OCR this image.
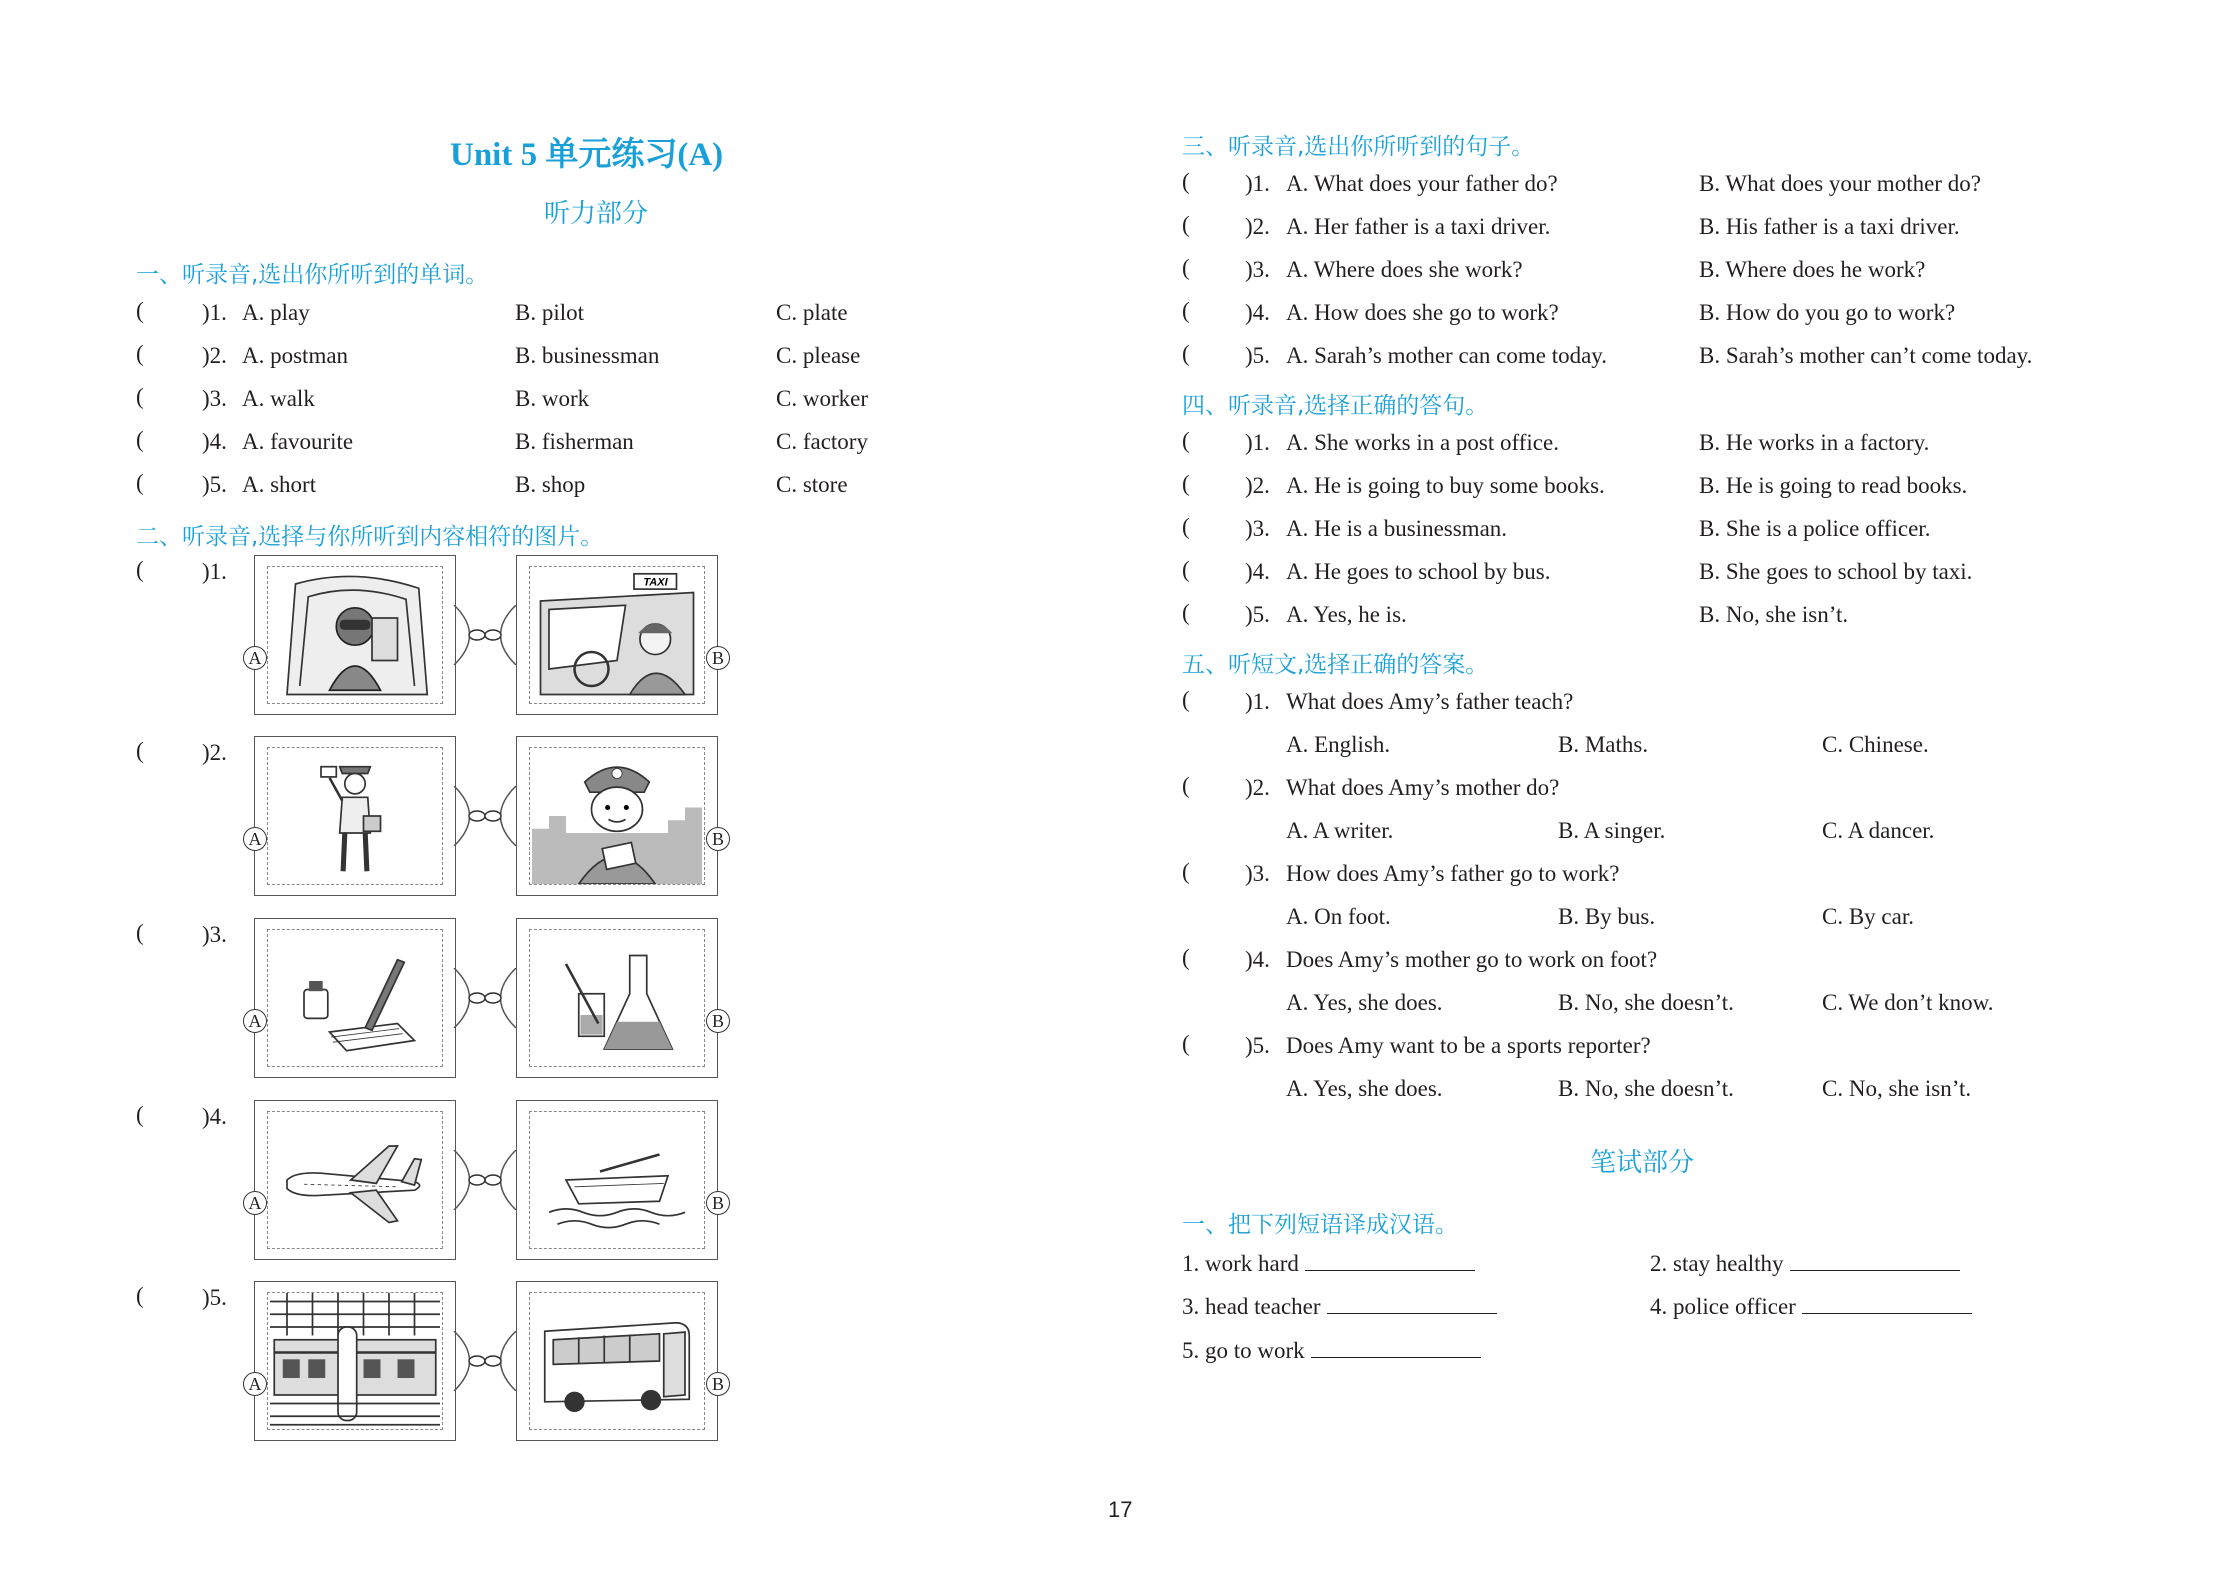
Unit 5 单元练习(A)
听力部分
一、听录音,选出你所听到的单词。
二、听录音,选择与你所听到内容相符的图片。
三、听录音,选出你所听到的句子。
四、听录音,选择正确的答句。
五、听短文,选择正确的答案。
笔试部分
一、把下列短语译成汉语。
17
(	)1. A. play	B. pilot	C. plate
(	)2. A. postman	B. businessman	C. please
(	)3. A. walk	B. work	C. worker
(	)4. A. favourite	B. fisherman	C. factory
(	)5. A. short	B. shop	C. store
(	)1.	TAXI
A	B
(	)2.
A	B
(	)3.
A	B
(	)4.
A	B
(	)5.
A	B
( )1. A. What does your father do?	B. What does your mother do?
( )2. A. Her father is a taxi driver.	B. His father is a taxi driver.
( )3. A. Where does she work?	B. Where does he work?
( )4. A. How does she go to work?	B. How do you go to work?
( )5. A. Sarah’s mother can come today.	B. Sarah’s mother can’t come today.
( )1. A. She works in a post office.	B. He works in a factory.
( )2. A. He is going to buy some books.	B. He is going to read books.
( )3. A. He is a businessman.	B. She is a police officer.
( )4. A. He goes to school by bus.	B. She goes to school by taxi.
( )5. A. Yes, he is.	B. No, she isn’t.
( )1. What does Amy’s father teach?
A. English.	B. Maths.	C. Chinese.
( )2. What does Amy’s mother do?
A. A writer.	B. A singer.	C. A dancer.
( )3. How does Amy’s father go to work?
A. On foot.	B. By bus.	C. By car.
( )4. Does Amy’s mother go to work on foot?
A. Yes, she does.	B. No, she doesn’t.	C. We don’t know.
( )5. Does Amy want to be a sports reporter?
A. Yes, she does.	B. No, she doesn’t.	C. No, she isn’t.
1. work hard	2. stay healthy
3. head teacher	4. police officer
5. go to work
